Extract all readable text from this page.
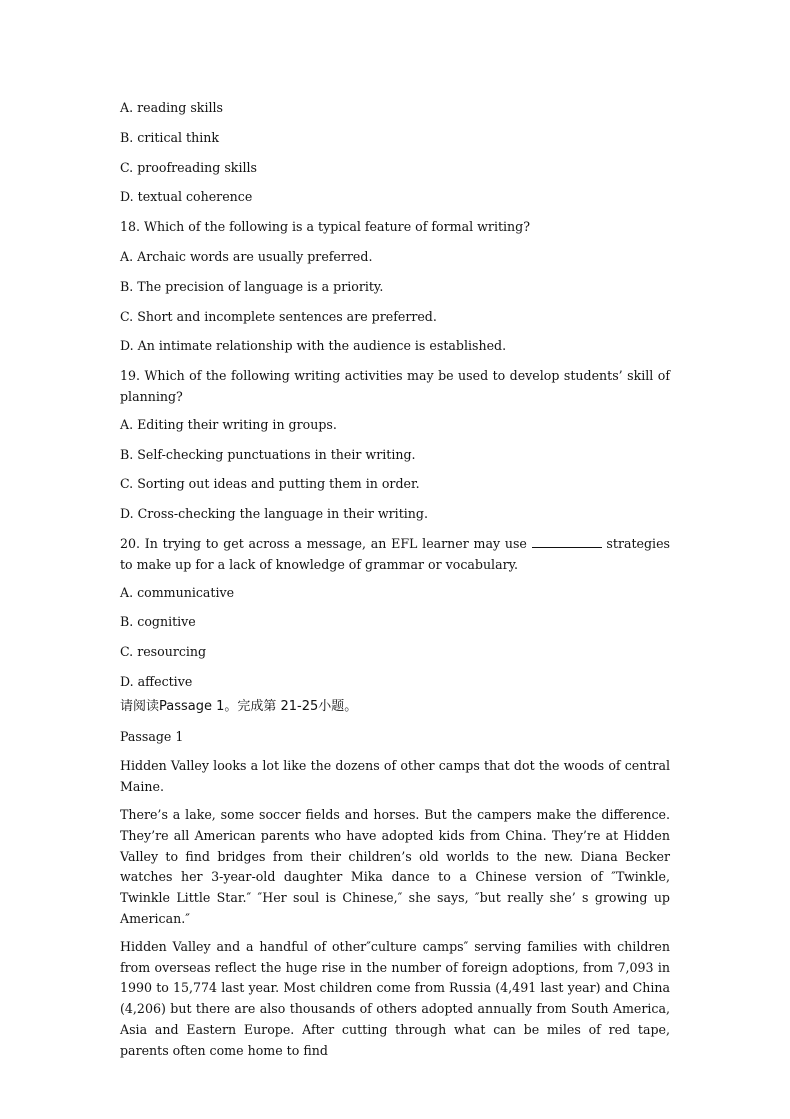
A. reading skills

B. critical think

C. proofreading skills

D. textual coherence

18. Which of the following is a typical feature of formal writing?

A. Archaic words are usually preferred.

B. The precision of language is a priority.

C. Short and incomplete sentences are preferred.

D. An intimate relationship with the audience is established.

19. Which of the following writing activities may be used to develop students’ skill of planning?

A. Editing their writing in groups.

B. Self-checking punctuations in their writing.

C. Sorting out ideas and putting them in order.

D. Cross-checking the language in their writing.

20. In trying to get across a message, an EFL learner may use	strategies to make up for a lack of knowledge of grammar or vocabulary.

A. communicative

B. cognitive

C. resourcing

D. affective

请阅读Passage 1。完成第 21-25小题。

Passage 1

Hidden Valley looks a lot like the dozens of other camps that dot the woods of central Maine.

There’s a lake, some soccer fields and horses. But the campers make the difference. They’re all American parents who have adopted kids from China. They’re at Hidden Valley to find bridges from their children’s old worlds to the new. Diana Becker watches her 3-year-old daughter Mika dance to a Chinese version of ″Twinkle, Twinkle Little Star.″ ″Her soul is Chinese,″ she says, ″but really she’ s growing up American.″

Hidden Valley and a handful of other″culture camps″ serving families with children from overseas reflect the huge rise in the number of foreign adoptions, from 7,093 in 1990 to 15,774 last year. Most children come from Russia (4,491 last year) and China (4,206) but there are also thousands of others adopted annually from South America, Asia and Eastern Europe. After cutting through what can be miles of red tape, parents often come home to find
